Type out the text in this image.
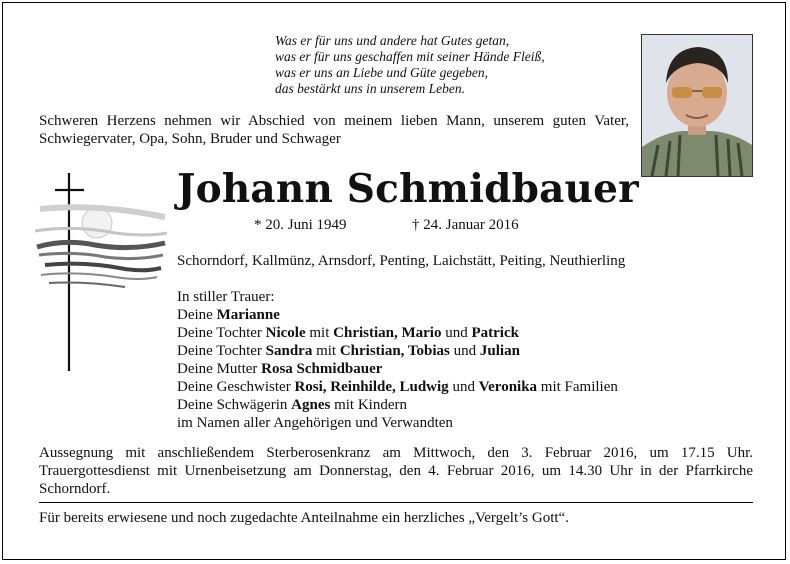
Was er für uns und andere hat Gutes getan,
was er für uns geschaffen mit seiner Hände Fleiß,
was er uns an Liebe und Güte gegeben,
das bestärkt uns in unserem Leben.
Schweren Herzens nehmen wir Abschied von meinem lieben Mann, unserem guten Vater, Schwiegervater, Opa, Sohn, Bruder und Schwager
Johann Schmidbauer
* 20. Juni 1949	† 24. Januar 2016
Schorndorf, Kallmünz, Arnsdorf, Penting, Laichstätt, Peiting, Neuthierling
In stiller Trauer:
Deine Marianne
Deine Tochter Nicole mit Christian, Mario und Patrick
Deine Tochter Sandra mit Christian, Tobias und Julian
Deine Mutter Rosa Schmidbauer
Deine Geschwister Rosi, Reinhilde, Ludwig und Veronika mit Familien
Deine Schwägerin Agnes mit Kindern
im Namen aller Angehörigen und Verwandten
Aussegnung mit anschließendem Sterberosenkranz am Mittwoch, den 3. Februar 2016, um 17.15 Uhr. Trauergottesdienst mit Urnenbeisetzung am Donnerstag, den 4. Februar 2016, um 14.30 Uhr in der Pfarrkirche Schorndorf.
Für bereits erwiesene und noch zugedachte Anteilnahme ein herzliches „Vergelt’s Gott“.
